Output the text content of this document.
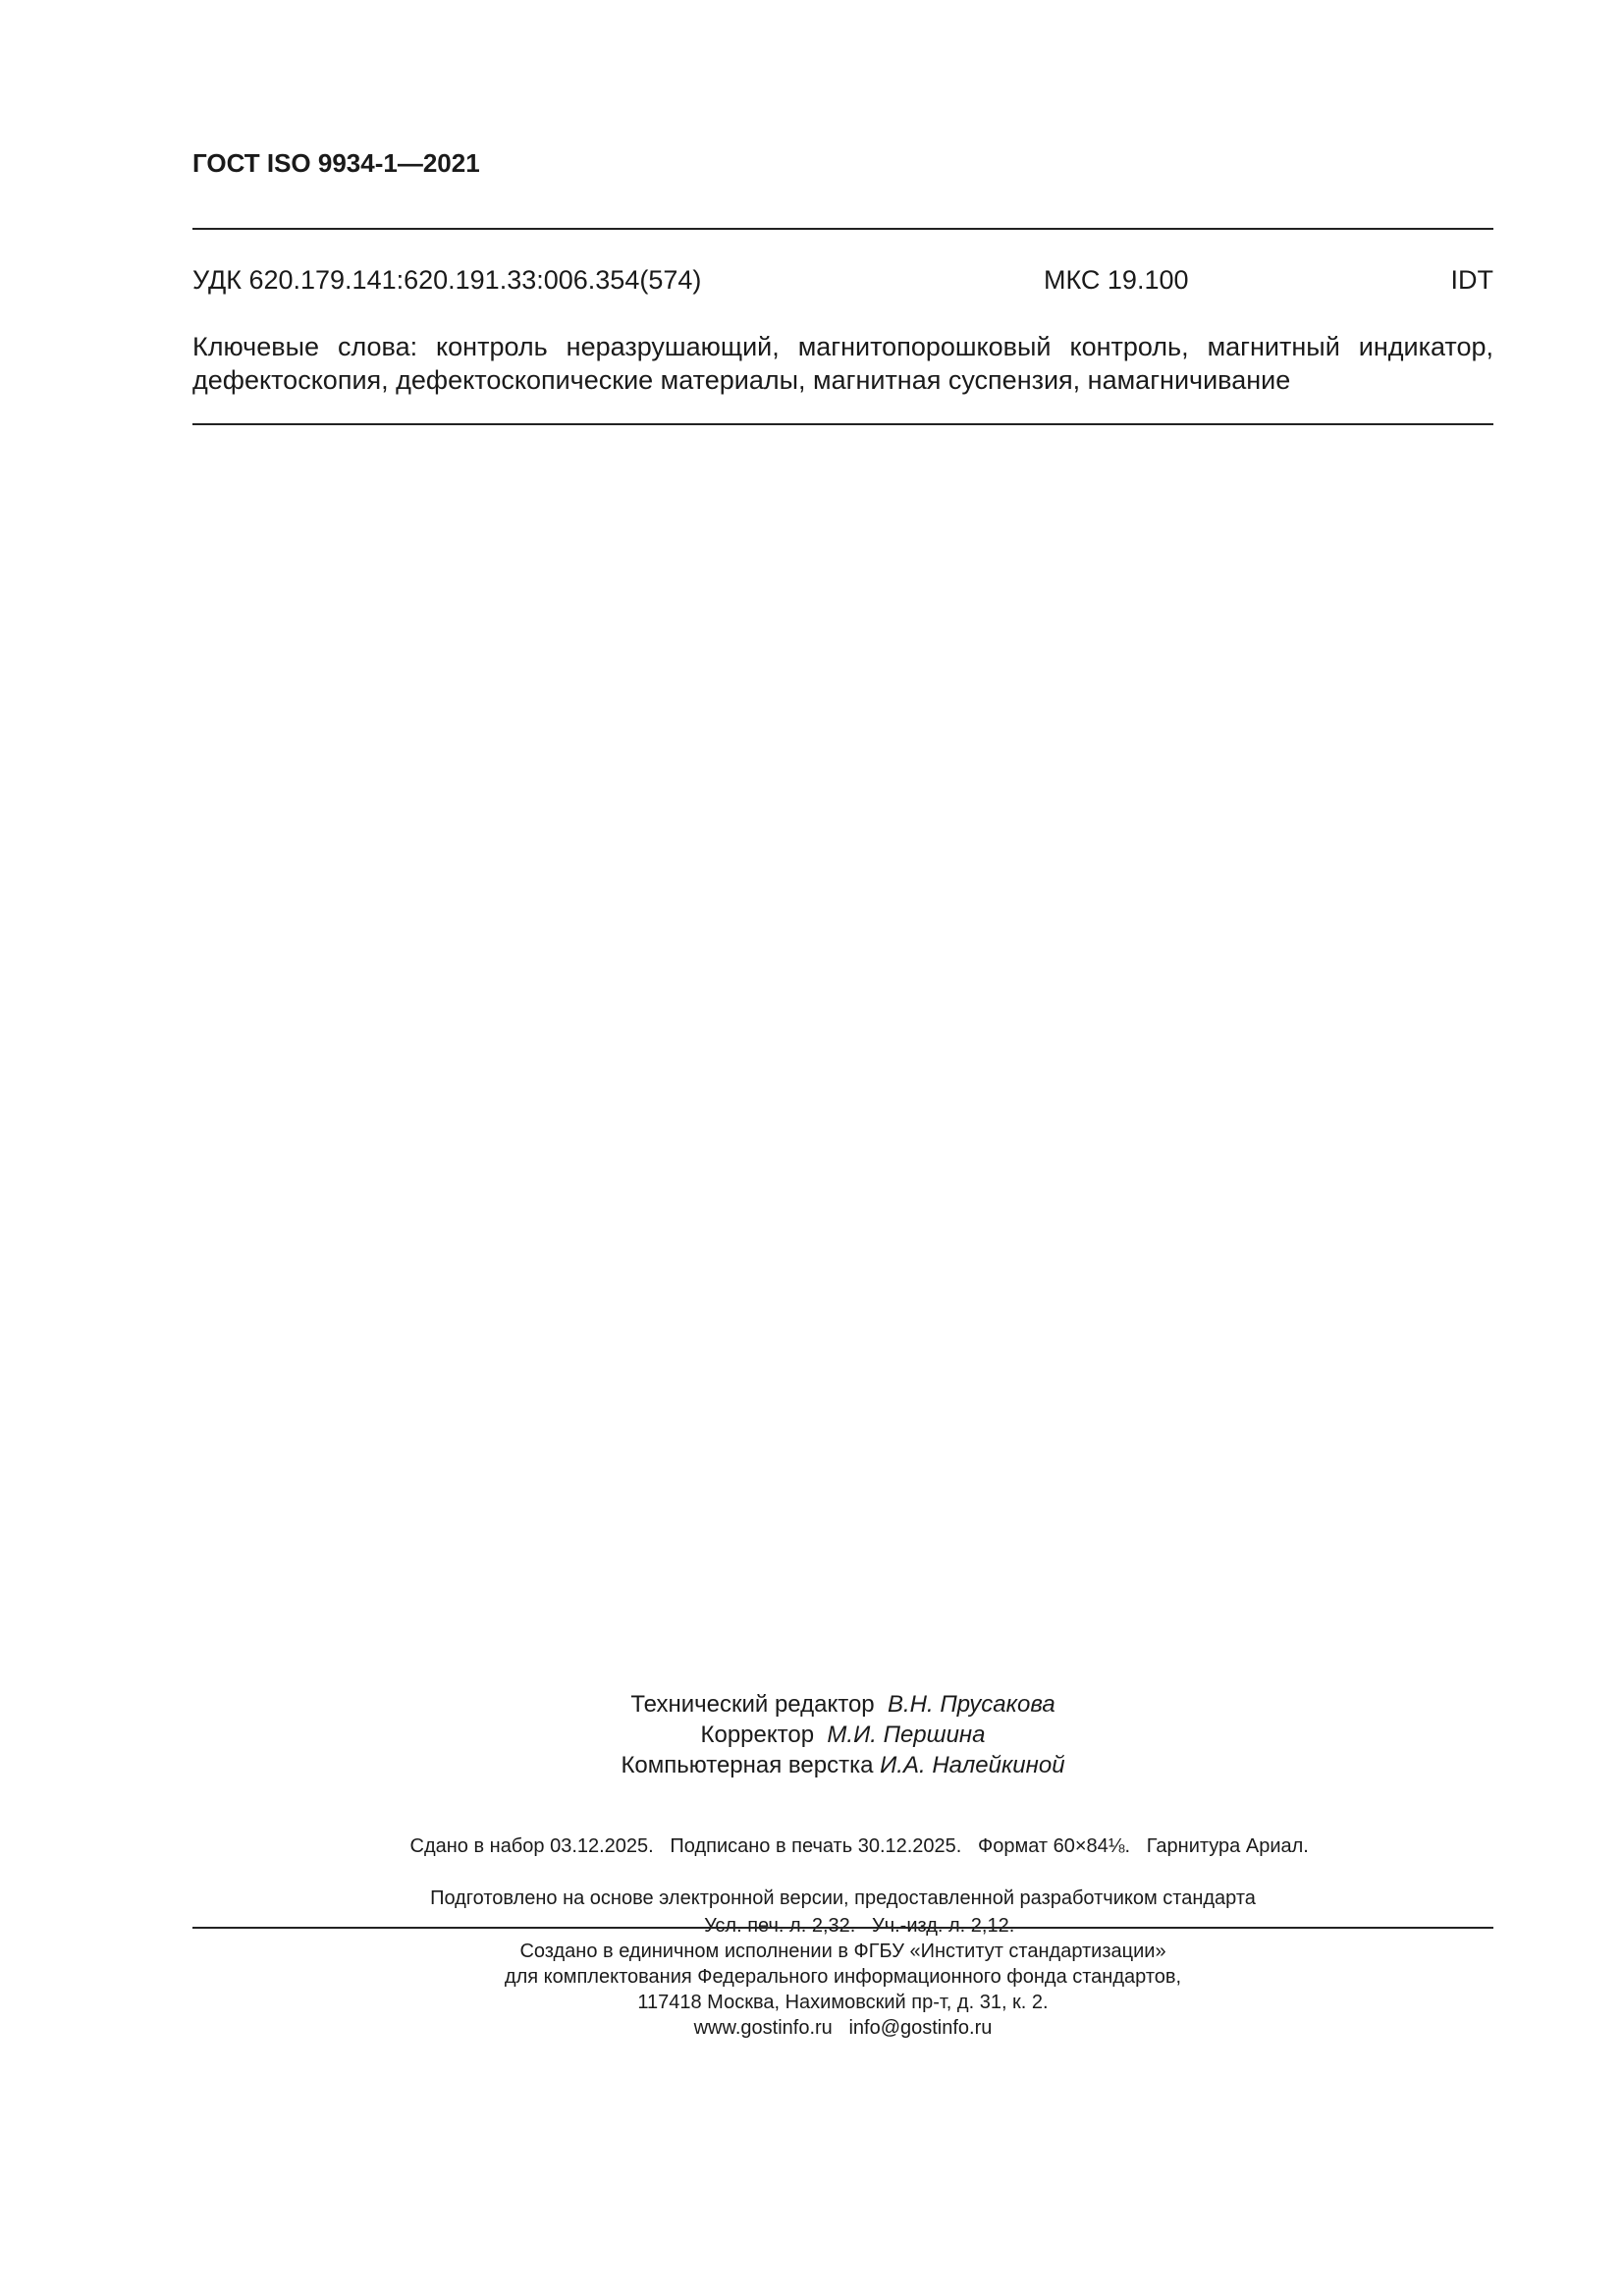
ГОСТ ISO 9934-1—2021
УДК 620.179.141:620.191.33:006.354(574)	МКС 19.100	IDT
Ключевые слова: контроль неразрушающий, магнитопорошковый контроль, магнитный индикатор, дефектоскопия, дефектоскопические материалы, магнитная суспензия, намагничивание
Технический редактор В.Н. Прусакова
Корректор М.И. Першина
Компьютерная верстка И.А. Налейкиной

Сдано в набор 03.12.2025. Подписано в печать 30.12.2025. Формат 60×84⅛. Гарнитура Ариал.

Усл. печ. л. 2,32. Уч.-изд. л. 2,12.

Подготовлено на основе электронной версии, предоставленной разработчиком стандарта
Создано в единичном исполнении в ФГБУ «Институт стандартизации»
для комплектования Федерального информационного фонда стандартов,
117418 Москва, Нахимовский пр-т, д. 31, к. 2.
www.gostinfo.ru info@gostinfo.ru
